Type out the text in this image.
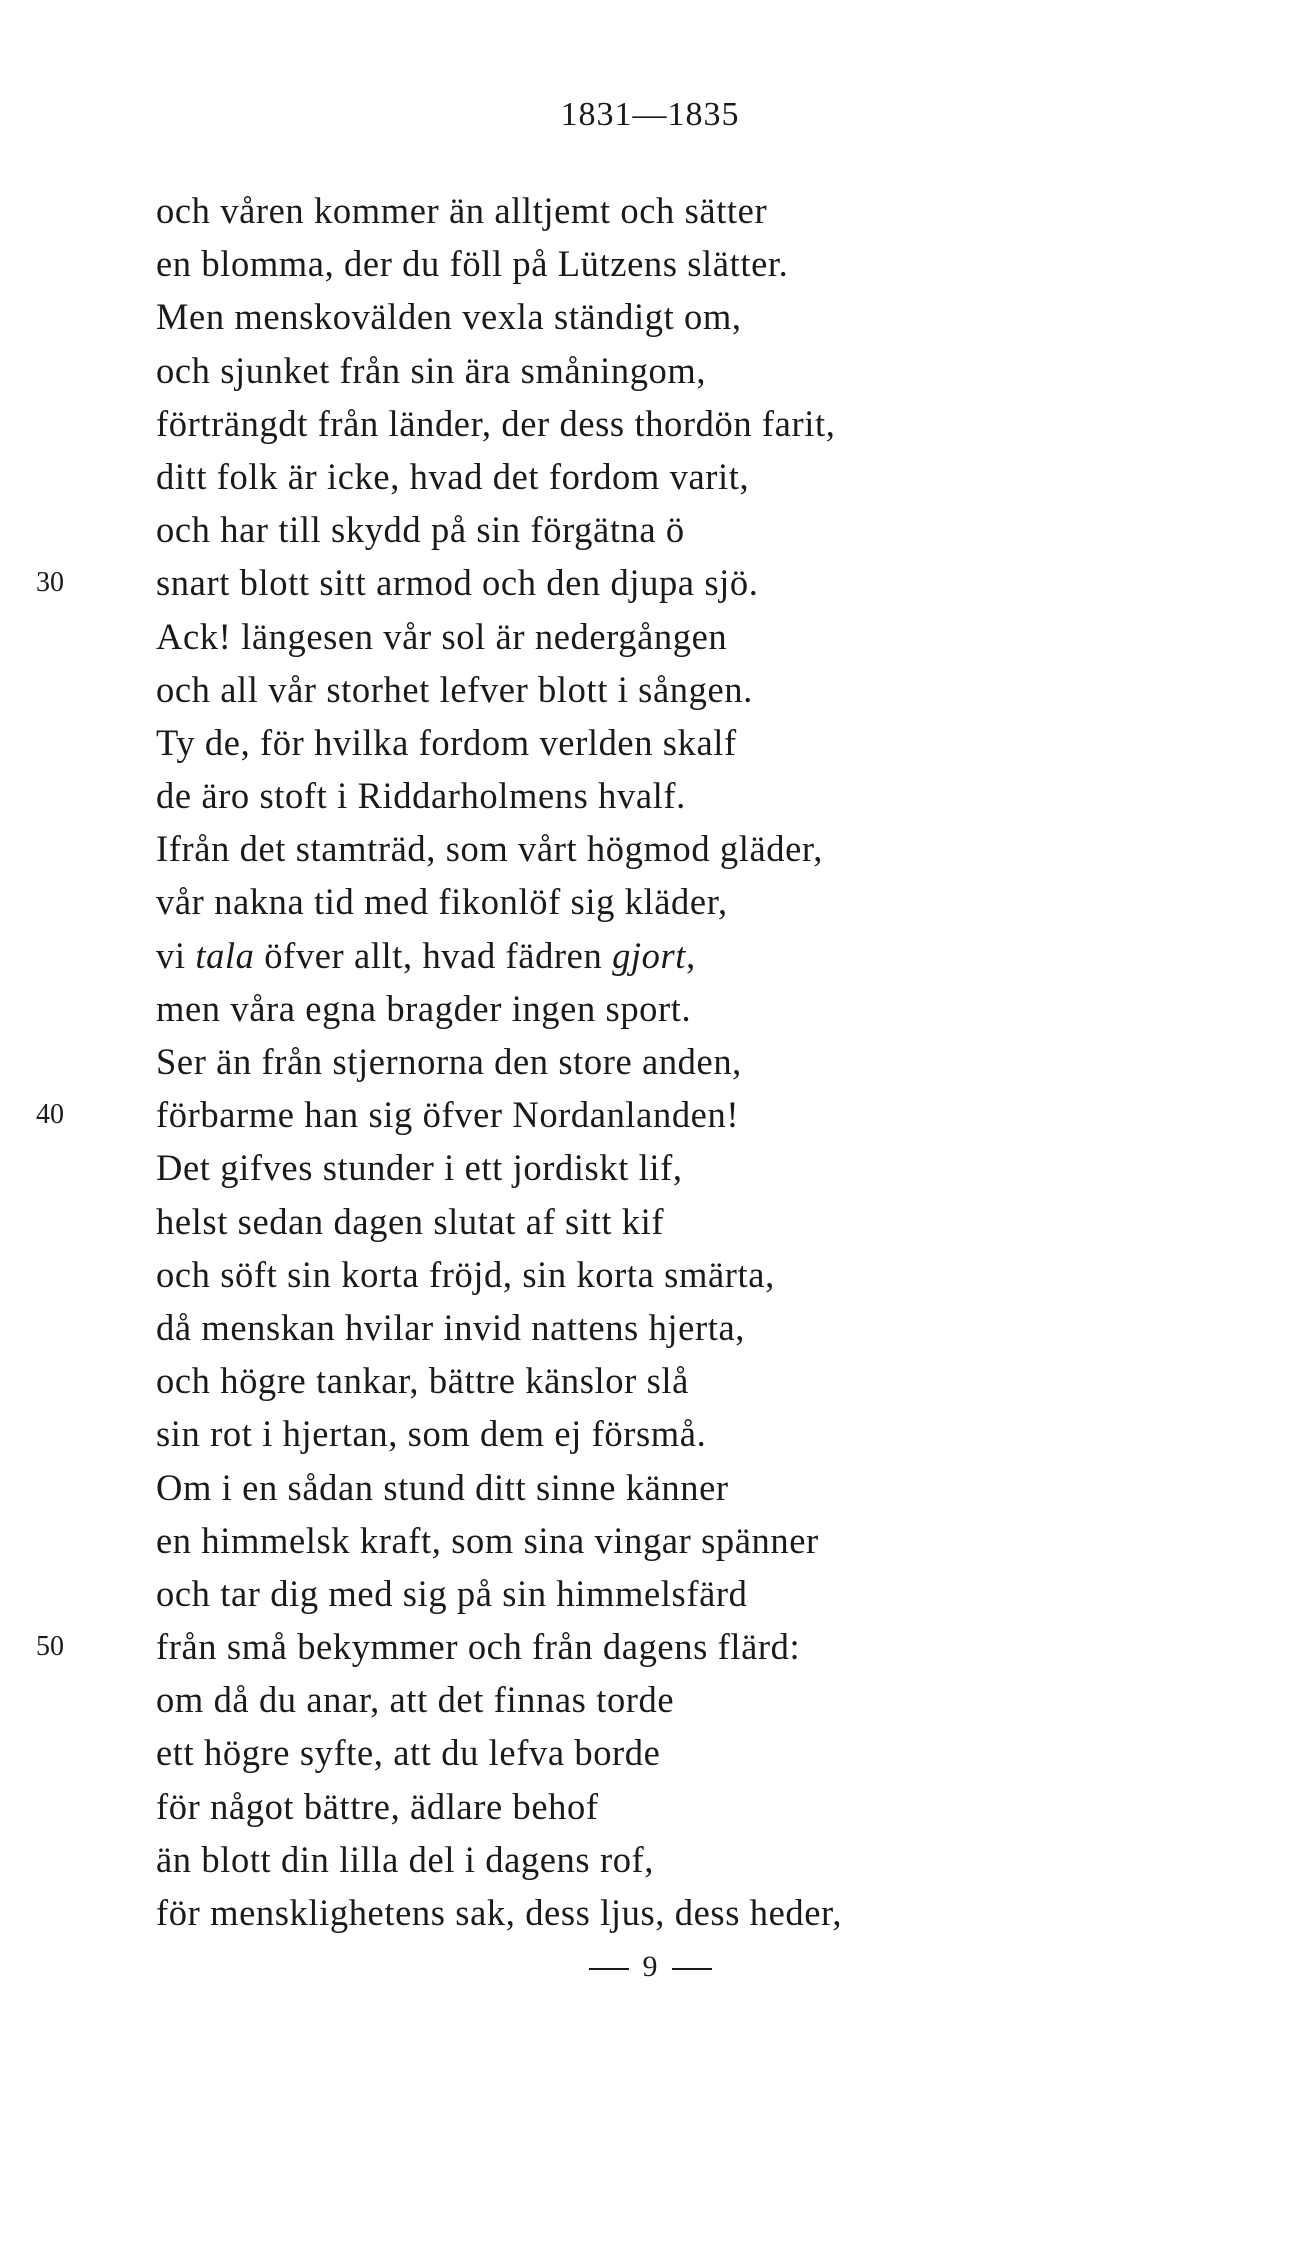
1831—1835
och våren kommer än alltjemt och sätter
en blomma, der du föll på Lützens slätter.
Men menskovälden vexla ständigt om,
och sjunket från sin ära småningom,
förträngdt från länder, der dess thordön farit,
ditt folk är icke, hvad det fordom varit,
och har till skydd på sin förgätna ö
30	snart blott sitt armod och den djupa sjö.
Ack! längesen vår sol är nedergången
och all vår storhet lefver blott i sången.
Ty de, för hvilka fordom verlden skalf
de äro stoft i Riddarholmens hvalf.
Ifrån det stamträd, som vårt högmod gläder,
vår nakna tid med fikonlöf sig kläder,
vi tala öfver allt, hvad fädren gjort,
men våra egna bragder ingen sport.
Ser än från stjernorna den store anden,
40	förbarme han sig öfver Nordanlanden!
Det gifves stunder i ett jordiskt lif,
helst sedan dagen slutat af sitt kif
och söft sin korta fröjd, sin korta smärta,
då menskan hvilar invid nattens hjerta,
och högre tankar, bättre känslor slå
sin rot i hjertan, som dem ej försmå.
Om i en sådan stund ditt sinne känner
en himmelsk kraft, som sina vingar spänner
och tar dig med sig på sin himmelsfärd
50	från små bekymmer och från dagens flärd:
om då du anar, att det finnas torde
ett högre syfte, att du lefva borde
för något bättre, ädlare behof
än blott din lilla del i dagens rof,
för mensklighetens sak, dess ljus, dess heder,
9
